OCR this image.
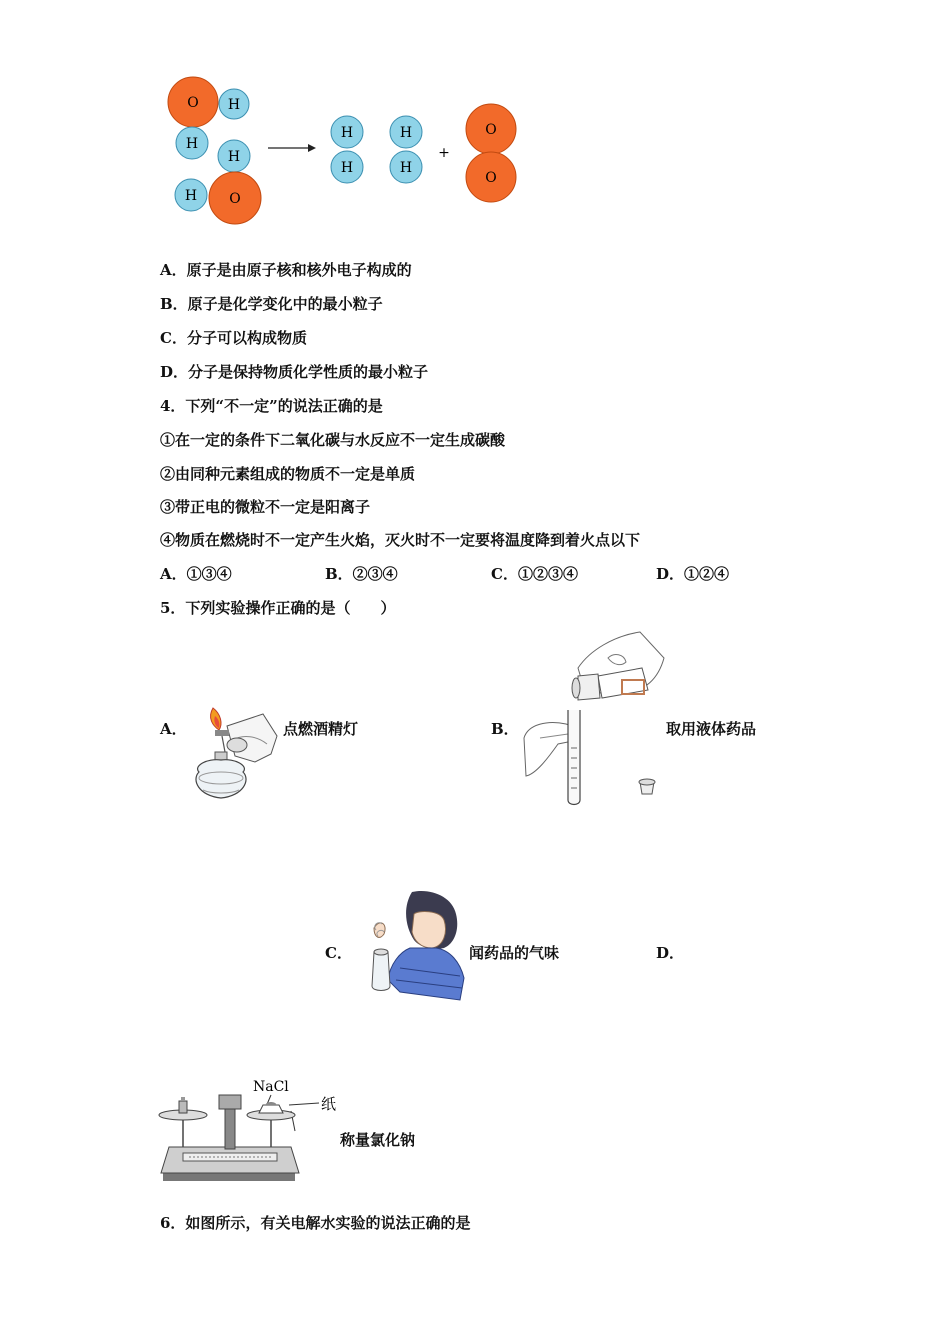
O H
H
H
H O
H
H
H
H
+
O
O
A．原子是由原子核和核外电子构成的
B．原子是化学变化中的最小粒子
C．分子可以构成物质
D．分子是保持物质化学性质的最小粒子
4．下列“不一定”的说法正确的是
①在一定的条件下二氧化碳与水反应不一定生成碳酸
②由同种元素组成的物质不一定是单质
③带正电的微粒不一定是阳离子
④物质在燃烧时不一定产生火焰，灭火时不一定要将温度降到着火点以下
A．①③④	B．②③④	C．①②③④	D．①②④
5．下列实验操作正确的是（　　）
A．	点燃酒精灯	B．	取用液体药品
C．	闻药品的气味	D．
NaCl
纸
称量氯化钠
6．如图所示，有关电解水实验的说法正确的是
